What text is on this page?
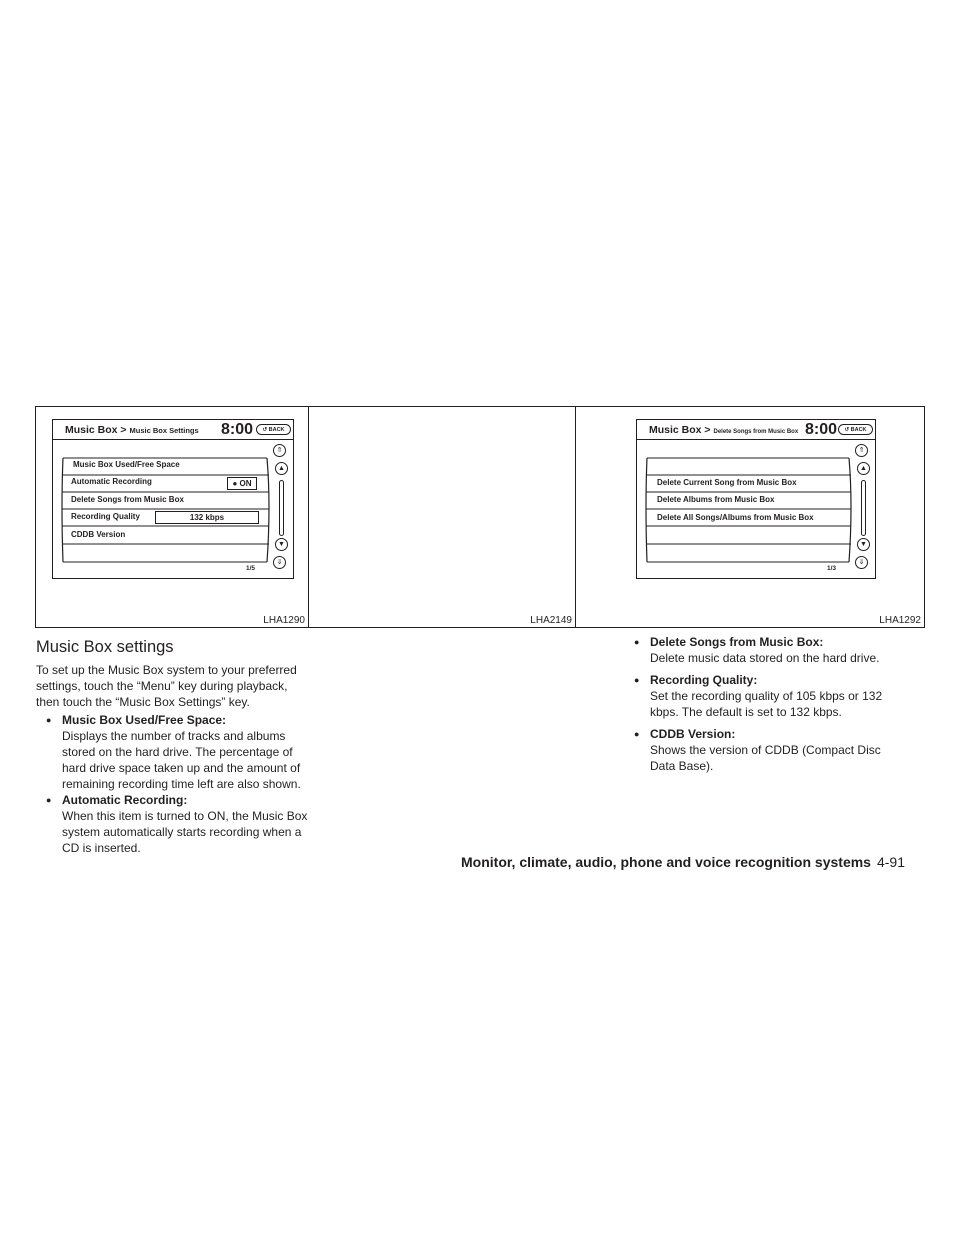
Music Box > Music Box Settings 8:00	↺ BACK
Music Box Used/Free Space
Automatic Recording	● ON
Delete Songs from Music Box
Recording Quality	132 kbps
CDDB Version
⇑
▲
▼
⇓
1/5
LHA1290	LHA2149
Music Box > Delete Songs from Music Box 8:00	↺ BACK
Delete Current Song from Music Box
Delete Albums from Music Box
Delete All Songs/Albums from Music Box
⇑
▲
▼
⇓
1/3
LHA1292
Music Box settings
To set up the Music Box system to your preferred settings, touch the “Menu” key during playback, then touch the “Music Box Settings” key.
● Music Box Used/Free Space:
Displays the number of tracks and albums stored on the hard drive. The percentage of hard drive space taken up and the amount of remaining recording time left are also shown.
● Automatic Recording:
When this item is turned to ON, the Music Box system automatically starts recording when a CD is inserted.
● Delete Songs from Music Box:
Delete music data stored on the hard drive.
● Recording Quality:
Set the recording quality of 105 kbps or 132 kbps. The default is set to 132 kbps.
● CDDB Version:
Shows the version of CDDB (Compact Disc Data Base).
Monitor, climate, audio, phone and voice recognition systems 4-91
